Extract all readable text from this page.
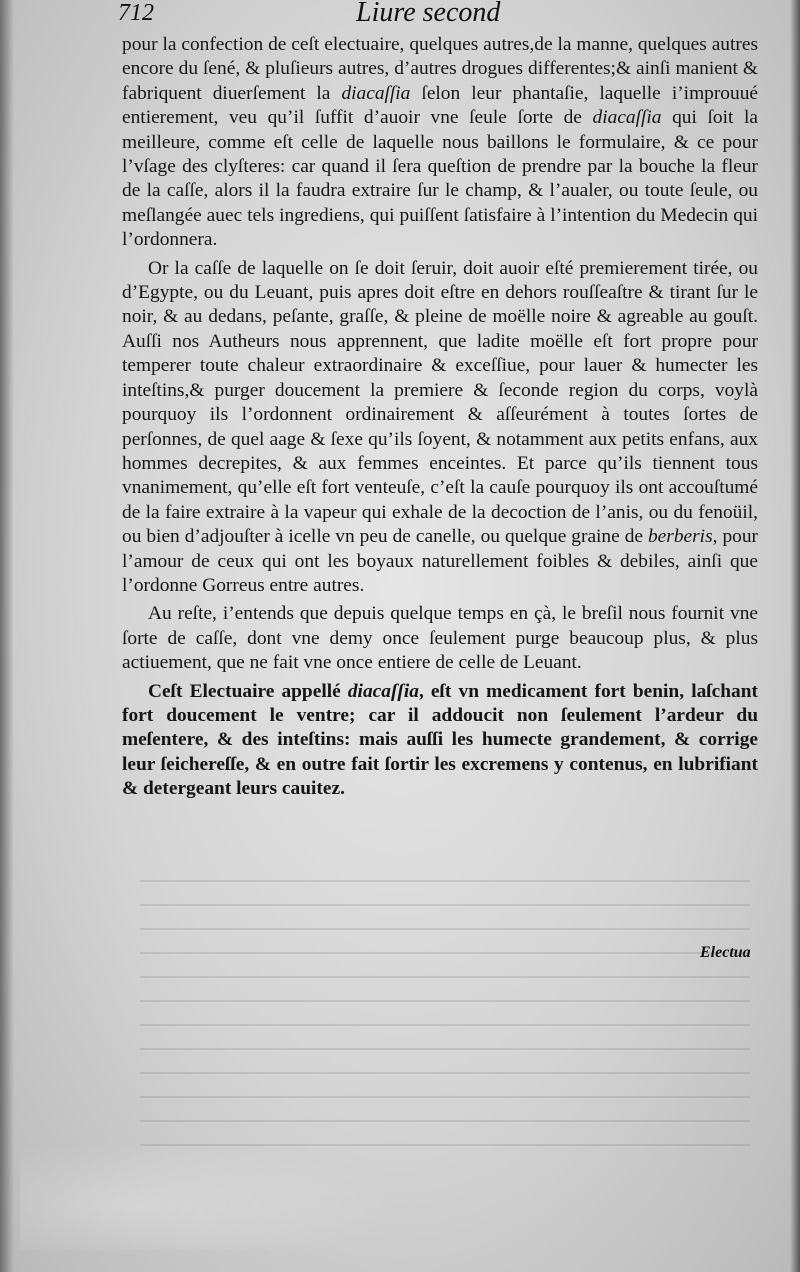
712	Liure second

pour la confection de ceſt electuaire, quelques autres,de la manne, quelques autres encore du ſené, & pluſieurs autres, d’autres drogues differentes;& ainſi manient & fabriquent diuerſement la diacaſſia ſelon leur phantaſie, laquelle i’improuué entierement, veu qu’il ſuffit d’auoir vne ſeule ſorte de diacaſſia qui ſoit la meilleure, comme eſt celle de laquelle nous baillons le formulaire, & ce pour l’vſage des clyſteres: car quand il ſera queſtion de prendre par la bouche la fleur de la caſſe, alors il la faudra extraire ſur le champ, & l’aualer, ou toute ſeule, ou meſlangée auec tels ingrediens, qui puiſſent ſatisfaire à l’intention du Medecin qui l’ordonnera.

Or la caſſe de laquelle on ſe doit ſeruir, doit auoir eſté premierement tirée, ou d’Egypte, ou du Leuant, puis apres doit eſtre en dehors rouſſeaſtre & tirant ſur le noir, & au dedans, peſante, graſſe, & pleine de moëlle noire & agreable au gouſt. Auſſi nos Autheurs nous apprennent, que ladite moëlle eſt fort propre pour temperer toute chaleur extraordinaire & exceſſiue, pour lauer & humecter les inteſtins,& purger doucement la premiere & ſeconde region du corps, voylà pourquoy ils l’ordonnent ordinairement & aſſeurément à toutes ſortes de perſonnes, de quel aage & ſexe qu’ils ſoyent, & notamment aux petits enfans, aux hommes decrepites, & aux femmes enceintes. Et parce qu’ils tiennent tous vnanimement, qu’elle eſt fort venteuſe, c’eſt la cauſe pourquoy ils ont accouſtumé de la faire extraire à la vapeur qui exhale de la decoction de l’anis, ou du fenoüil, ou bien d’adjouſter à icelle vn peu de canelle, ou quelque graine de berberis, pour l’amour de ceux qui ont les boyaux naturellement foibles & debiles, ainſi que l’ordonne Gorreus entre autres.

Au reſte, i’entends que depuis quelque temps en çà, le breſil nous fournit vne ſorte de caſſe, dont vne demy once ſeulement purge beaucoup plus, & plus actiuement, que ne fait vne once entiere de celle de Leuant.

Ceſt Electuaire appellé diacaſſia, eſt vn medicament fort benin, laſchant fort doucement le ventre; car il addoucit non ſeulement l’ardeur du meſentere, & des inteſtins: mais auſſi les humecte grandement, & corrige leur ſeichereſſe, & en outre fait ſortir les excremens y contenus, en lubrifiant & detergeant leurs cauitez.

Electua
